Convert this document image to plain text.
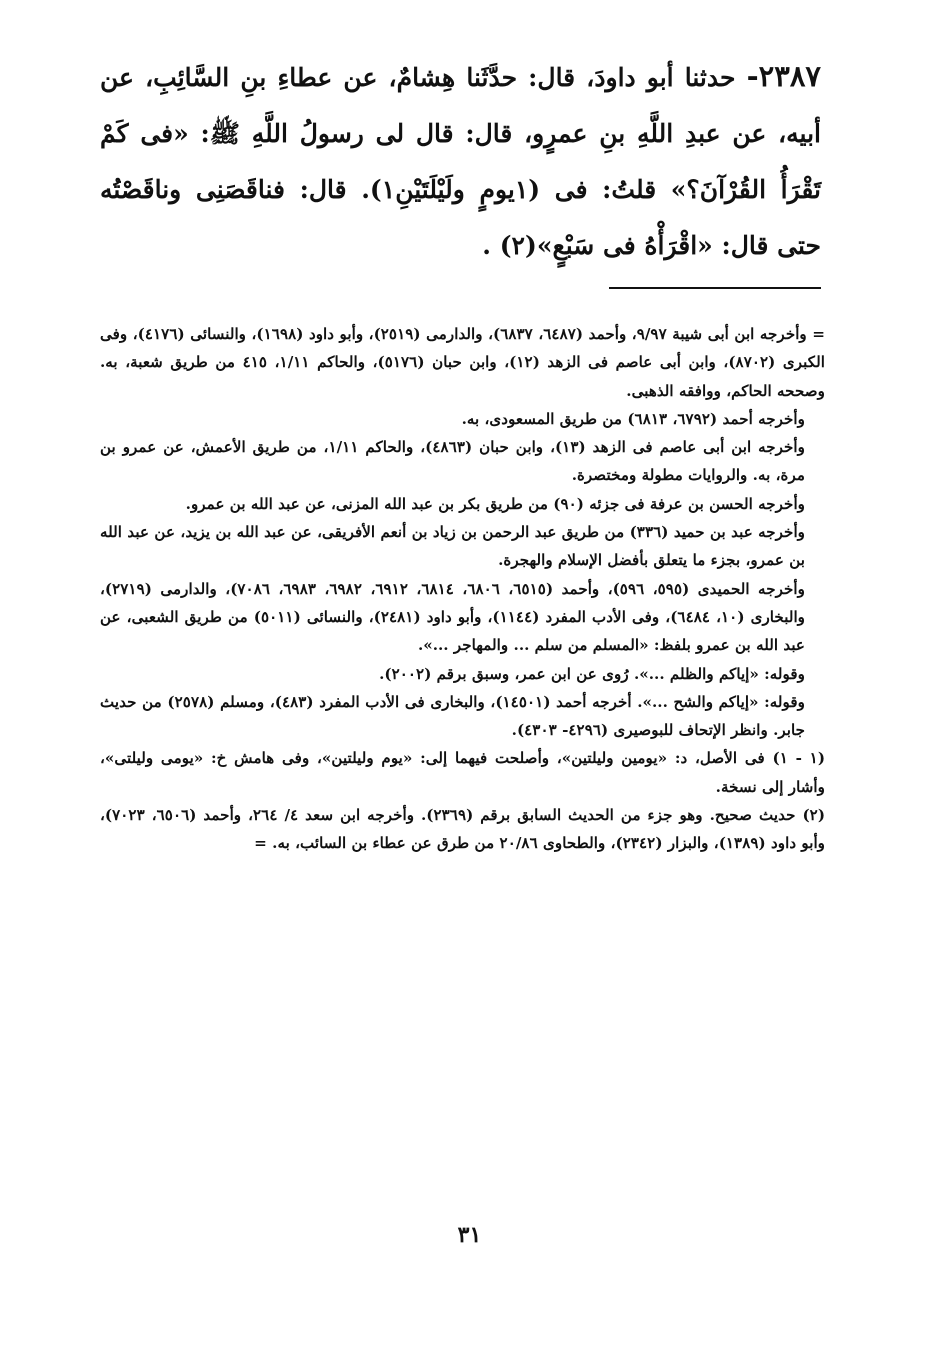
٢٣٨٧- حدثنا أبو داودَ، قال: حدَّثَنا هِشامٌ، عن عطاءِ بنِ السَّائِبِ، عن أبيه، عن عبدِ اللَّهِ بنِ عمرٍو، قال: قال لى رسولُ اللَّهِ ﷺ: «فى كَمْ تَقْرَأُ القُرْآنَ؟» قلتُ: فى (١يومٍ ولَيْلَتَيْنِ١). قال: فناقَصَنِى وناقَصْتُه حتى قال: «اقْرَأْهُ فى سَبْعٍ»(٢) .

= وأخرجه ابن أبى شيبة ٩/٩٧، وأحمد (٦٤٨٧، ٦٨٣٧)، والدارمى (٢٥١٩)، وأبو داود (١٦٩٨)، والنسائى (٤١٧٦)، وفى الكبرى (٨٧٠٢)، وابن أبى عاصم فى الزهد (١٢)، وابن حبان (٥١٧٦)، والحاكم ١/١١، ٤١٥ من طريق شعبة، به. وصححه الحاكم، ووافقه الذهبى.

وأخرجه أحمد (٦٧٩٢، ٦٨١٣) من طريق المسعودى، به.

وأخرجه ابن أبى عاصم فى الزهد (١٣)، وابن حبان (٤٨٦٣)، والحاكم ١/١١، من طريق الأعمش، عن عمرو بن مرة، به. والروايات مطولة ومختصرة.

وأخرجه الحسن بن عرفة فى جزئه (٩٠) من طريق بكر بن عبد الله المزنى، عن عبد الله بن عمرو.

وأخرجه عبد بن حميد (٣٣٦) من طريق عبد الرحمن بن زياد بن أنعم الأفريقى، عن عبد الله بن يزيد، عن عبد الله بن عمرو، بجزء ما يتعلق بأفضل الإسلام والهجرة.

وأخرجه الحميدى (٥٩٥، ٥٩٦)، وأحمد (٦٥١٥، ٦٨٠٦، ٦٨١٤، ٦٩١٢، ٦٩٨٢، ٦٩٨٣، ٧٠٨٦)، والدارمى (٢٧١٩)، والبخارى (١٠، ٦٤٨٤)، وفى الأدب المفرد (١١٤٤)، وأبو داود (٢٤٨١)، والنسائى (٥٠١١) من طريق الشعبى، عن عبد الله بن عمرو بلفظ: «المسلم من سلم ... والمهاجر ...».

وقوله: «إياكم والظلم ...». رُوى عن ابن عمر، وسبق برقم (٢٠٠٢).

وقوله: «إياكم والشح ...». أخرجه أحمد (١٤٥٠١)، والبخارى فى الأدب المفرد (٤٨٣)، ومسلم (٢٥٧٨) من حديث جابر. وانظر الإتحاف للبوصيرى (٤٢٩٦- ٤٣٠٣).

(١ - ١) فى الأصل، د: «يومين وليلتين»، وأصلحت فيهما إلى: «يوم وليلتين»، وفى هامش خ: «يومى وليلتى»، وأشار إلى نسخة.

(٢) حديث صحيح. وهو جزء من الحديث السابق برقم (٢٣٦٩). وأخرجه ابن سعد ٤/ ٢٦٤، وأحمد (٦٥٠٦، ٧٠٢٣)، وأبو داود (١٣٨٩)، والبزار (٢٣٤٢)، والطحاوى ٢٠/٨٦ من طرق عن عطاء بن السائب، به. =

٣١
